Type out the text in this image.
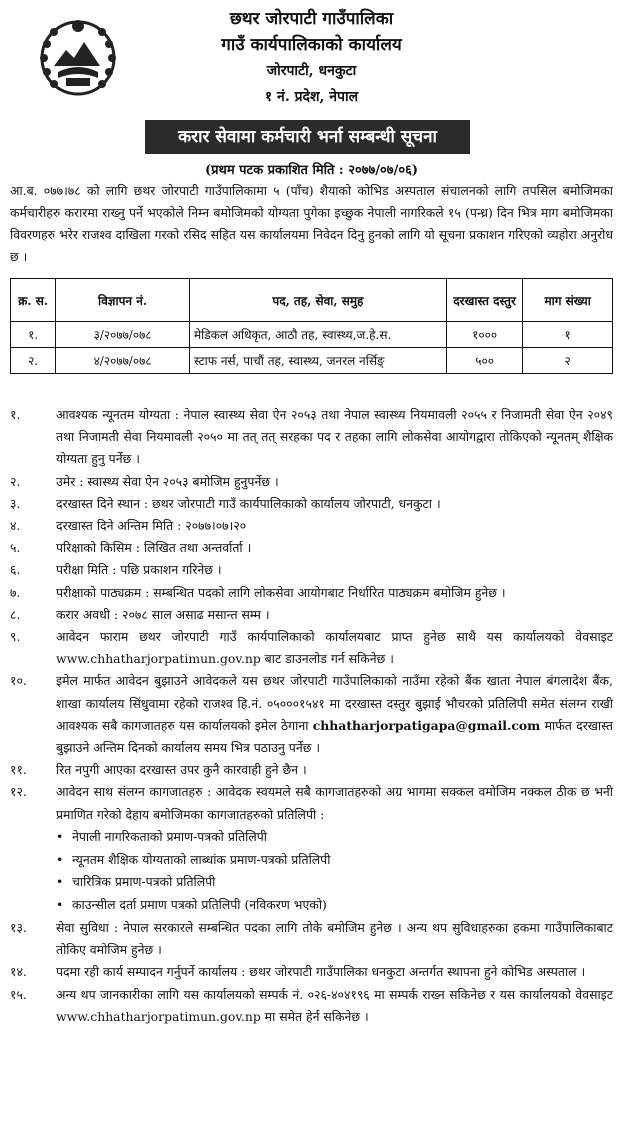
छथर जोरपाटी गाउँपालिका
गाउँ कार्यपालिकाको कार्यालय
जोरपाटी, धनकुटा
१ नं. प्रदेश, नेपाल
करार सेवामा कर्मचारी भर्ना सम्बन्धी सूचना
(प्रथम पटक प्रकाशित मिति : २०७७/०७/०६)
आ.ब. ०७७।७८ को लागि छथर जोरपाटी गाउँपालिकामा ५ (पाँच) शैयाको कोभिड अस्पताल संचालनको लागि तपसिल बमोजिमका कर्मचारीहरु करारमा राख्नु पर्ने भएकोले निम्न बमोजिमको योग्यता पुगेका इच्छुक नेपाली नागरिकले १५ (पन्ध्र) दिन भित्र माग बमोजिमका विवरणहरु भरेर राजश्व दाखिला गरको रसिद सहित यस कार्यालयमा निवेदन दिनु हुनको लागि यो सूचना प्रकाशन गरिएको व्यहोरा अनुरोध छ ।
क्र. स.	विज्ञापन नं.	पद, तह, सेवा, समुह	दरखास्त दस्तुर	माग संख्या
१.	३/२०७७/०७८	मेडिकल अधिकृत, आठौ तह, स्वास्थ्य,ज.हे.स.	१०००	१
२.	४/२०७७/०७८	स्टाफ नर्स, पाचौं तह, स्वास्थ्य, जनरल नर्सिङ्	५००	२
१.	आवश्यक न्यूनतम योग्यता : नेपाल स्वास्थ्य सेवा ऐन २०५३ तथा नेपाल स्वास्थ्य नियमावली २०५५ र निजामती सेवा ऐन २०४९ तथा निजामती सेवा नियमावली २०५० मा तत् तत् सरहका पद र तहका लागि लोकसेवा आयोगद्वारा तोकिएको न्यूनतम् शैक्षिक योग्यता हुनु पर्नेछ ।
२.	उमेर : स्वास्थ्य सेवा ऐन २०५३ बमोजिम हुनुपर्नेछ ।
३.	दरखास्त दिने स्थान : छथर जोरपाटी गाउँ कार्यपालिकाको कार्यालय जोरपाटी, धनकुटा ।
४.	दरखास्त दिने अन्तिम मिति : २०७७।०७।२०
५.	परिक्षाको किसिम : लिखित तथा अन्तर्वार्ता ।
६.	परीक्षा मिति : पछि प्रकाशन गरिनेछ ।
७.	परीक्षाको पाठ्यक्रम : सम्बन्धित पदको लागि लोकसेवा आयोगबाट निर्धारित पाठ्यक्रम बमोजिम हुनेछ ।
८.	करार अवधी : २०७८ साल असाढ मसान्त सम्म ।
९.	आवेदन फाराम छथर जोरपाटी गाउँ कार्यपालिकाको कार्यालयबाट प्राप्त हुनेछ साथै यस कार्यालयको वेवसाइट www.chhatharjorpatimun.gov.np बाट डाउनलोड गर्न सकिनेछ ।
१०.	इमेल मार्फत आवेदन बुझाउने आवेदकले यस छथर जोरपाटी गाउँपालिकाको नाउँमा रहेको बैंक खाता नेपाल बंगलादेश बैंक, शाखा कार्यालय सिंधुवामा रहेको राजश्व हि.नं. ०५०००१५४१ मा दरखास्त दस्तुर बुझाई भौचरको प्रतिलिपी समेत संलग्न राखी आवश्यक सबै कागजातहरु यस कार्यालयको इमेल ठेगाना chhatharjorpatigapa@gmail.com मार्फत दरखास्त बुझाउने अन्तिम दिनको कार्यालय समय भित्र पठाउनु पर्नेछ ।
११.	रित नपुगी आएका दरखास्त उपर कुनै कारवाही हुने छैन ।
१२.	आवेदन साथ संलग्न कागजातहरु : आवेदक स्वयमले सबै कागजातहरुको अग्र भागमा सक्कल वमोजिम नक्कल ठीक छ भनी प्रमाणित गरेको देहाय बमोजिमका कागजातहरुको प्रतिलिपी :
• नेपाली नागरिकताको प्रमाण-पत्रको प्रतिलिपी
• न्यूनतम शैक्षिक योग्यताको लाब्धांक प्रमाण-पत्रको प्रतिलिपी
• चारित्रिक प्रमाण-पत्रको प्रतिलिपी
• काउन्सील दर्ता प्रमाण पत्रको प्रतिलिपी (नविकरण भएको)
१३.	सेवा सुविधा : नेपाल सरकारले सम्बन्धित पदका लागि तोके बमोजिम हुनेछ । अन्य थप सुविधाहरुका हकमा गाउँपालिकाबाट तोकिए वमोजिम हुनेछ ।
१४.	पदमा रही कार्य सम्पादन गर्नुपर्ने कार्यालय : छथर जोरपाटी गाउँपालिका धनकुटा अन्तर्गत स्थापना हुने कोभिड अस्पताल ।
१५.	अन्य थप जानकारीका लागि यस कार्यालयको सम्पर्क नं. ०२६-४०४१९६ मा सम्पर्क राख्न सकिनेछ र यस कार्यालयको वेवसाइट www.chhatharjorpatimun.gov.np मा समेत हेर्न सकिनेछ ।
